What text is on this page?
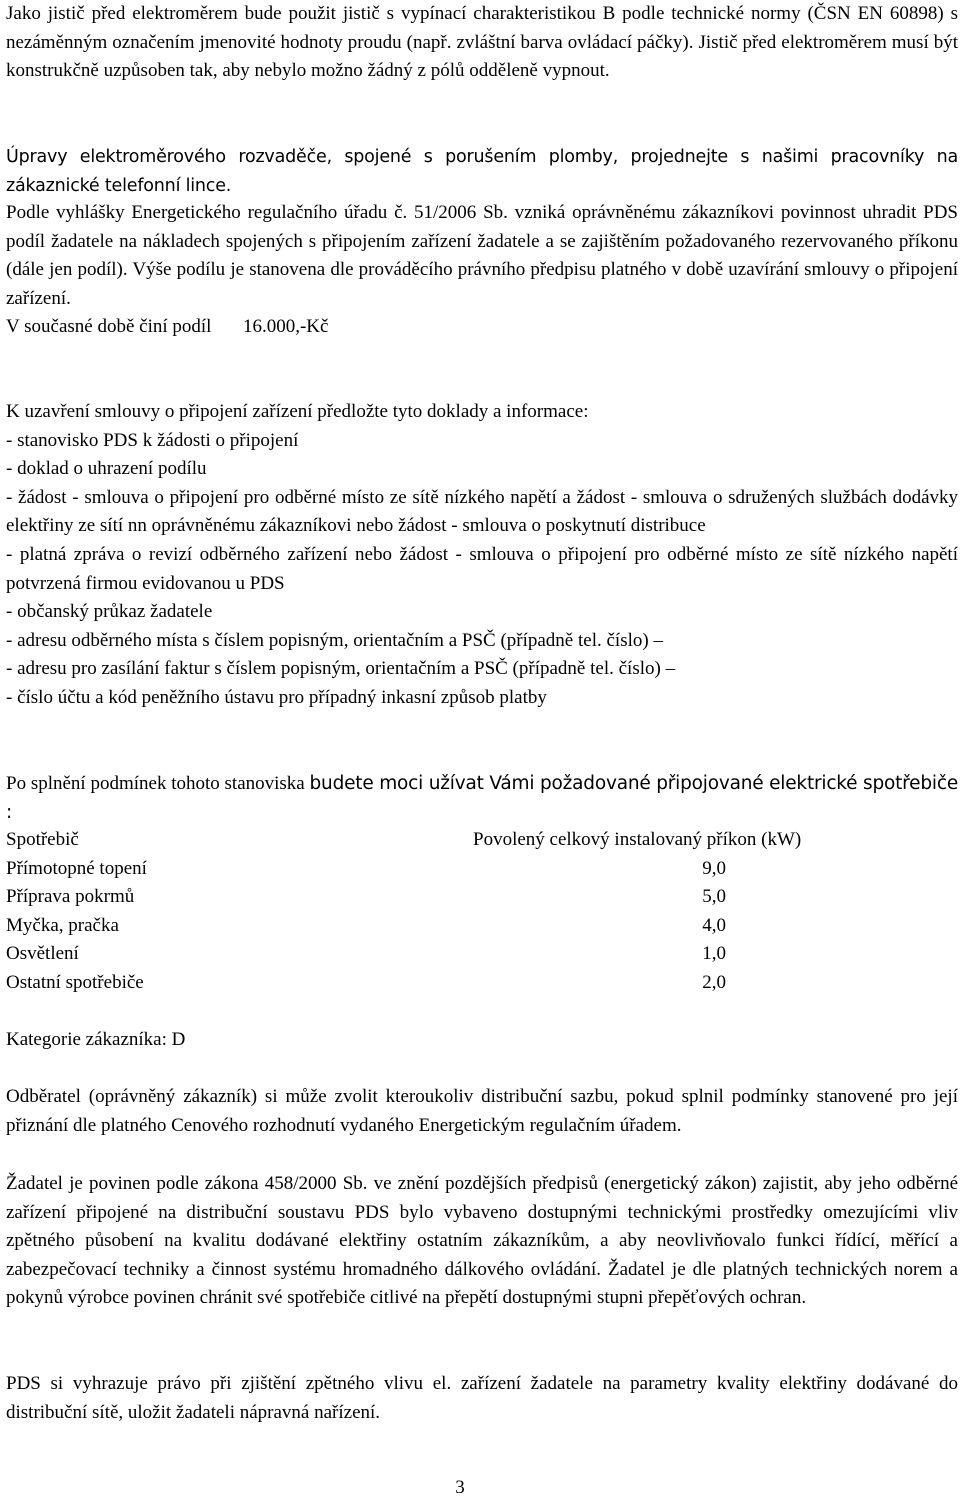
Jako jistič před elektroměrem bude použit jistič s vypínací charakteristikou B podle technické normy (ČSN EN 60898) s nezáměnným označením jmenovité hodnoty proudu (např. zvláštní barva ovládací páčky). Jistič před elektroměrem musí být konstrukčně uzpůsoben tak, aby nebylo možno žádný z pólů odděleně vypnout.

Úpravy elektroměrového rozvaděče, spojené s porušením plomby, projednejte s našimi pracovníky na zákaznické telefonní lince.

Podle vyhlášky Energetického regulačního úřadu č. 51/2006 Sb. vzniká oprávněnému zákazníkovi povinnost uhradit PDS podíl žadatele na nákladech spojených s připojením zařízení žadatele a se zajištěním požadovaného rezervovaného příkonu (dále jen podíl). Výše podílu je stanovena dle prováděcího právního předpisu platného v době uzavírání smlouvy o připojení zařízení.

V současné době činí podíl 16.000,-Kč
K uzavření smlouvy o připojení zařízení předložte tyto doklady a informace:
- stanovisko PDS k žádosti o připojení
- doklad o uhrazení podílu
- žádost - smlouva o připojení pro odběrné místo ze sítě nízkého napětí a žádost - smlouva o sdružených službách dodávky elektřiny ze sítí nn oprávněnému zákazníkovi nebo žádost - smlouva o poskytnutí distribuce
- platná zpráva o revizí odběrného zařízení nebo žádost - smlouva o připojení pro odběrné místo ze sítě nízkého napětí potvrzená firmou evidovanou u PDS
- občanský průkaz žadatele
- adresu odběrného místa s číslem popisným, orientačním a PSČ (případně tel. číslo) –
- adresu pro zasílání faktur s číslem popisným, orientačním a PSČ (případně tel. číslo) –
- číslo účtu a kód peněžního ústavu pro případný inkasní způsob platby

Po splnění podmínek tohoto stanoviska budete moci užívat Vámi požadované připojované elektrické spotřebiče :

Spotřebič	Povolený celkový instalovaný příkon (kW)
Přímotopné topení	9,0
Příprava pokrmů	5,0
Myčka, pračka	4,0
Osvětlení	1,0
Ostatní spotřebiče	2,0
Kategorie zákazníka: D

Odběratel (oprávněný zákazník) si může zvolit kteroukoliv distribuční sazbu, pokud splnil podmínky stanovené pro její přiznání dle platného Cenového rozhodnutí vydaného Energetickým regulačním úřadem.

Žadatel je povinen podle zákona 458/2000 Sb. ve znění pozdějších předpisů (energetický zákon) zajistit, aby jeho odběrné zařízení připojené na distribuční soustavu PDS bylo vybaveno dostupnými technickými prostředky omezujícími vliv zpětného působení na kvalitu dodávané elektřiny ostatním zákazníkům, a aby neovlivňovalo funkci řídící, měřící a zabezpečovací techniky a činnost systému hromadného dálkového ovládání. Žadatel je dle platných technických norem a pokynů výrobce povinen chránit své spotřebiče citlivé na přepětí dostupnými stupni přepěťových ochran.

PDS si vyhrazuje právo při zjištění zpětného vlivu el. zařízení žadatele na parametry kvality elektřiny dodávané do distribuční sítě, uložit žadateli nápravná nařízení.

3
